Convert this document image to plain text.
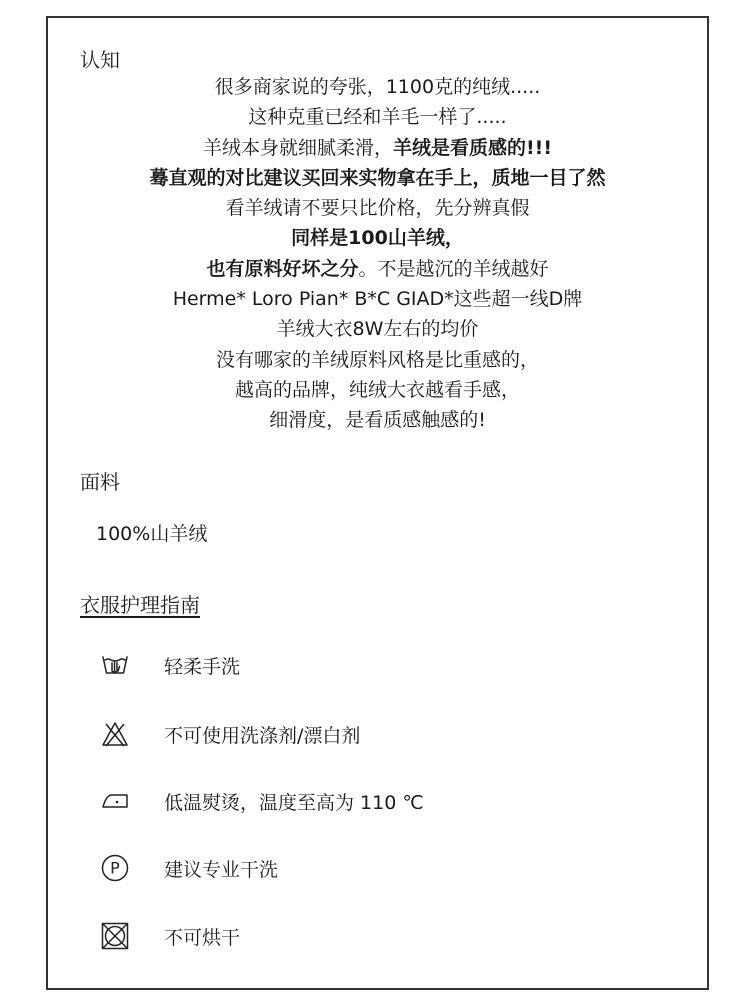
认知
很多商家说的夸张，1100克的纯绒.....
这种克重已经和羊毛一样了.....
羊绒本身就细腻柔滑，羊绒是看质感的!!!
蓦直观的对比建议买回来实物拿在手上，质地一目了然
看羊绒请不要只比价格，先分辨真假
同样是100山羊绒，
也有原料好坏之分。不是越沉的羊绒越好
Herme* Loro Pian* B*C GIAD*这些超一线D牌
羊绒大衣8W左右的均价
没有哪家的羊绒原料风格是比重感的，
越高的品牌，纯绒大衣越看手感，
细滑度，是看质感触感的!
面料
100%山羊绒
衣服护理指南
轻柔手洗
不可使用洗涤剂/漂白剂
低温熨烫，温度至高为 110 ℃
P 建议专业干洗
不可烘干
